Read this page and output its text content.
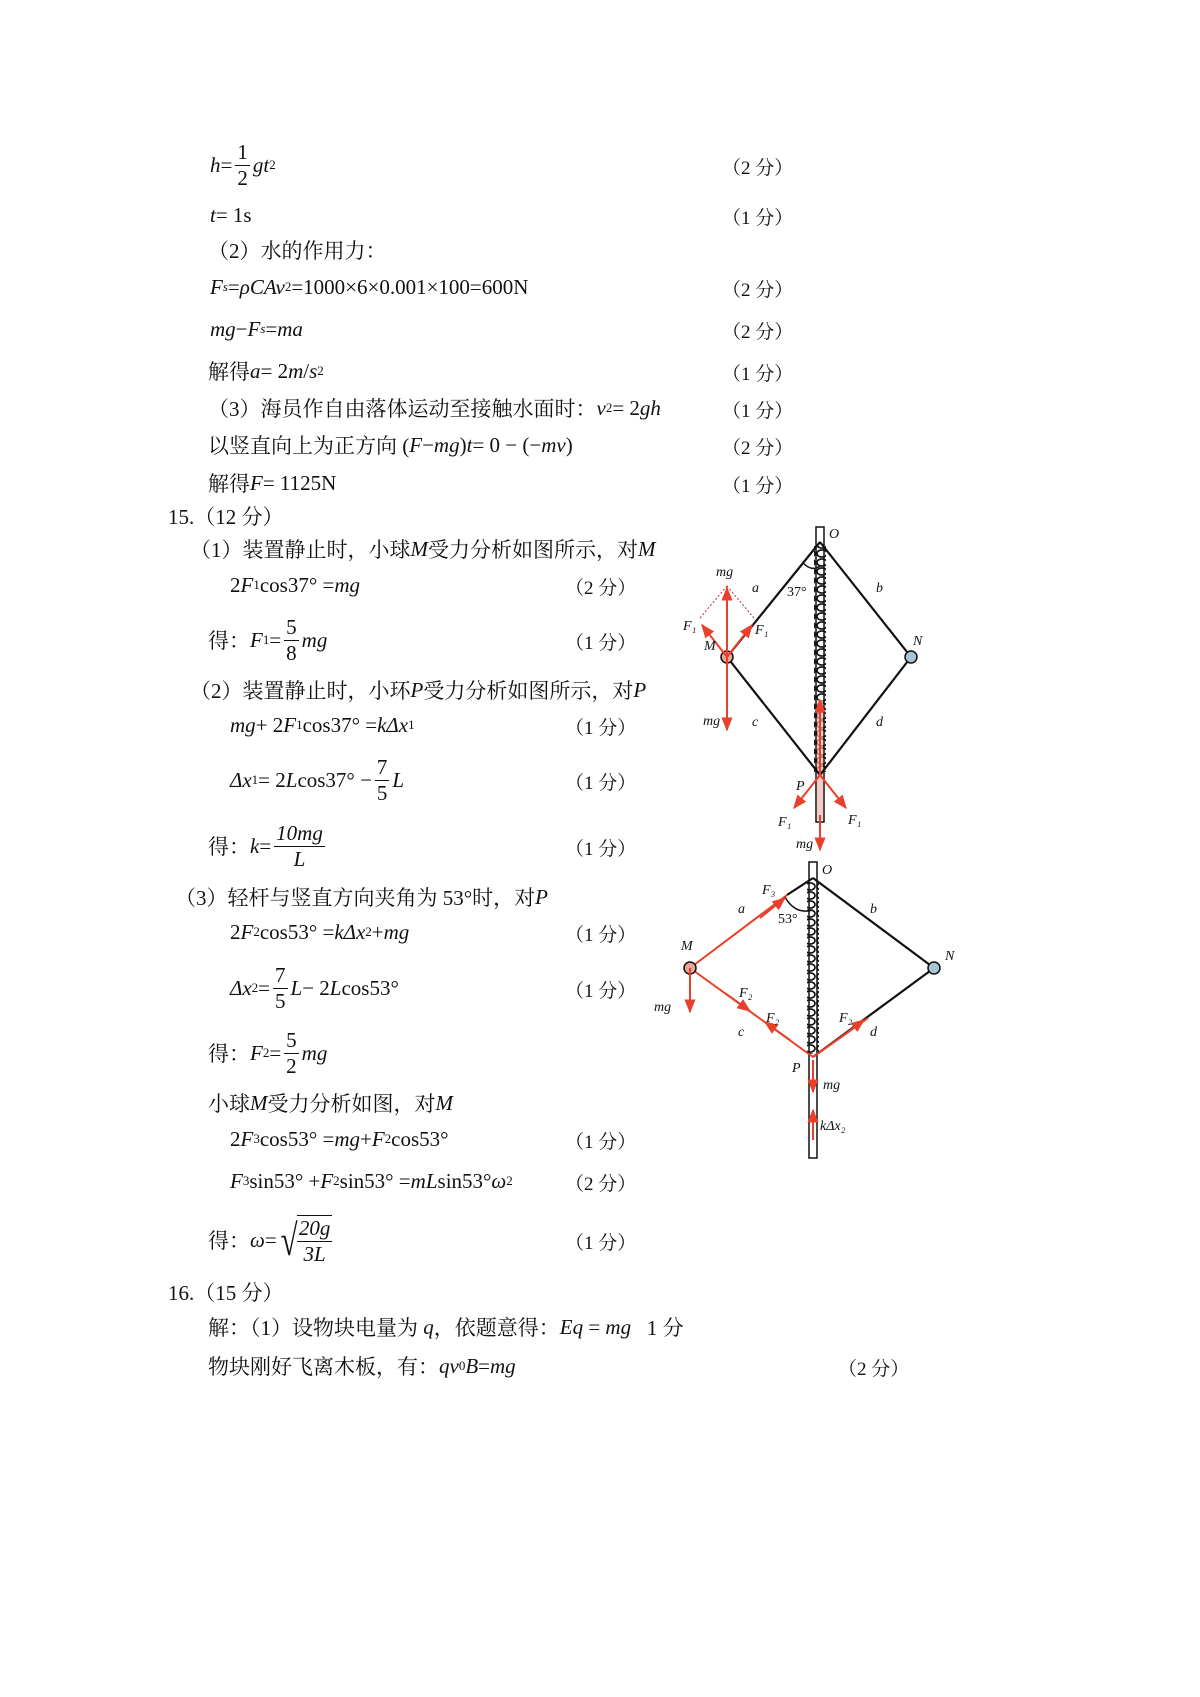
$h = \frac{1}{2}$ gt 2	（2 分）
t = 1s	（1 分）
（2）水的作用力：
F s = ρCAv 2 =1000×6×0.001×100=600N	（2 分）
mg − F s = ma	（2 分）
解得 a = 2 m / s 2	（1 分）
（3）海员作自由落体运动至接触水面时： v 2 = 2 gh	（1 分）
以竖直向上为正方向 ( F − mg ) t = 0 − (− mv )	（2 分）
解得 F = 1125N	（1 分）
15.（12 分）
（1）装置静止时，小球 M 受力分析如图所示，对 M
2 F 1 cos37° = mg	（2 分）
得： F $1 = \frac{5}{8}$ mg	（1 分）
（2）装置静止时，小环 P 受力分析如图所示，对 P
mg + 2 F 1 cos37° = k Δx 1	（1 分）
Δx 1 = 2 L $\cos 37^\circ - \frac{7}{5}$ L	（1 分）
得： $k = \frac{10mg}{L}$	（1 分）
（3）轻杆与竖直方向夹角为 53°时，对 P
2 F 2 cos53° = k Δx 2 + mg	（1 分）
Δx $2 = \frac{7}{5}$ L − 2 L cos53°	（1 分）
得： F $2 = \frac{5}{2}$ mg
小球 M 受力分析如图，对 M
2 F 3 cos53° = mg + F 2 cos53°	（1 分）
F 3 sin53° + F 2 sin53° = mL sin53° ω 2	（2 分）
得： ω = √ $\frac{20g}{3L}$	（1 分）
16.（15 分）
解：（1）设物块电量为 q ，依题意得： Eq = mg 1 分
物块刚好飞离木板，有： qv 0 B = mg	（2 分）
O
a	b
c	d
M	N
P
37°
mg
mg
F₁	F₁
F₁	F₁
mg
O
a	b
c	d
M
N
P
53°
F₃
F₂
F₂	F₂
mg
mg
kΔx₂
